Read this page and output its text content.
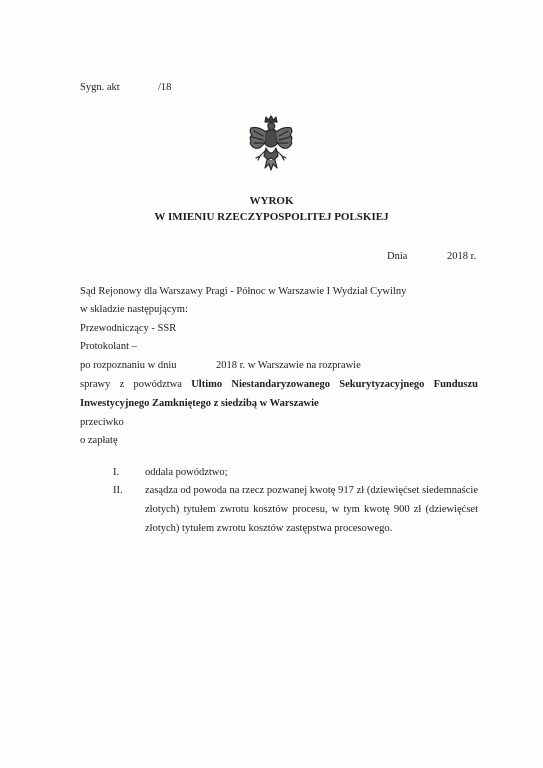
Sygn. akt	/18
WYROK
W IMIENIU RZECZYPOSPOLITEJ POLSKIEJ
Dnia	2018 r.
Sąd Rejonowy dla Warszawy Pragi - Północ w Warszawie I Wydział Cywilny
w składzie następującym:
Przewodniczący - SSR
Protokolant –
po rozpoznaniu w dniu	2018 r. w Warszawie na rozprawie
sprawy z powództwa Ultimo Niestandaryzowanego Sekurytyzacyjnego Funduszu
Inwestycyjnego Zamkniętego z siedzibą w Warszawie
przeciwko
o zapłatę
I. oddala powództwo;
II. zasądza od powoda na rzecz pozwanej kwotę 917 zł (dziewięćset siedemnaście
złotych) tytułem zwrotu kosztów procesu, w tym kwotę 900 zł (dziewięćset
złotych) tytułem zwrotu kosztów zastępstwa procesowego.
